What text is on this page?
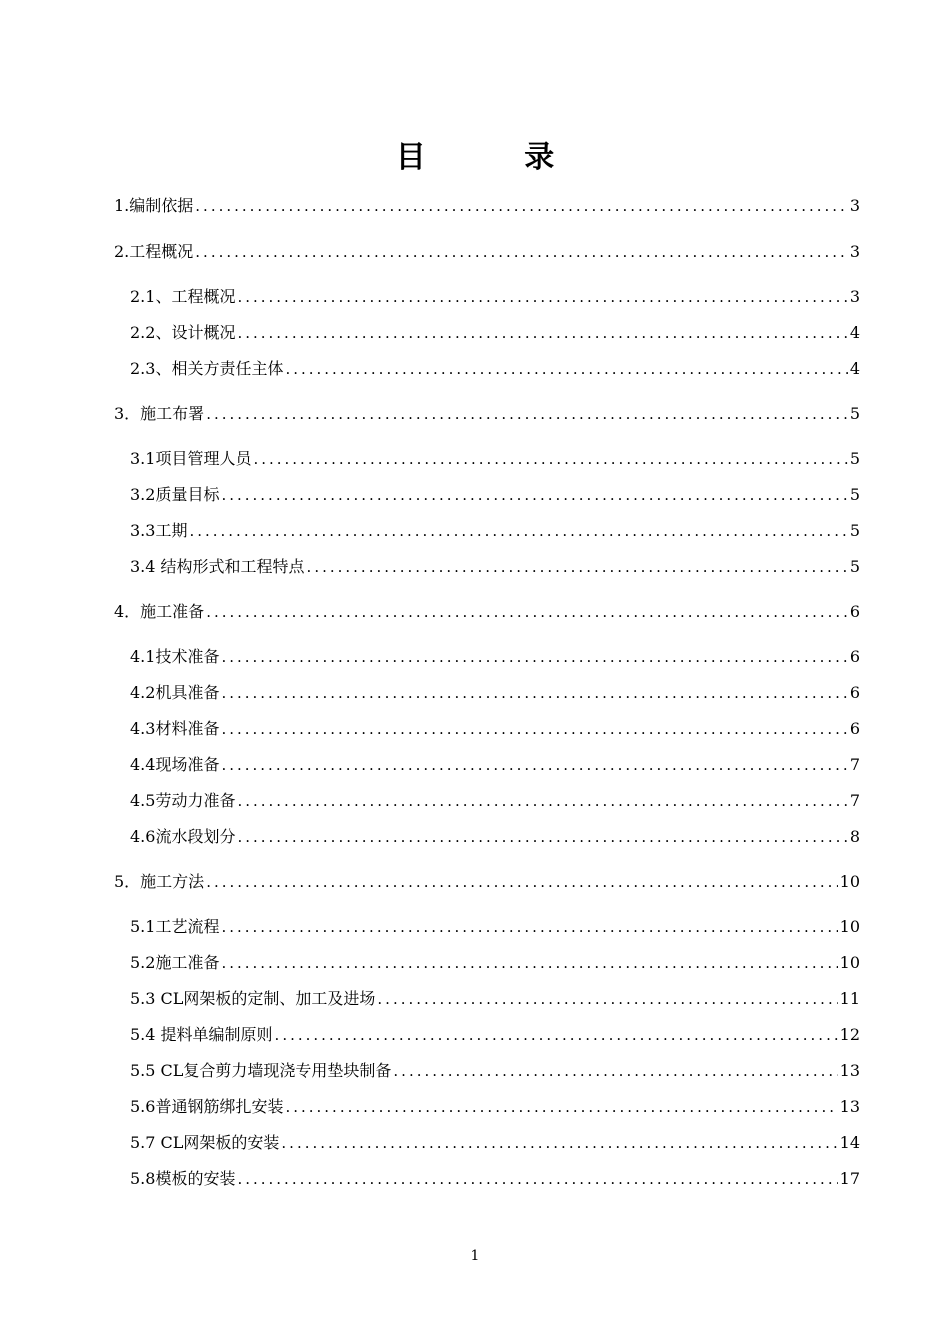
目 录
1.编制依据 .....	3
2.工程概况 .....	3
2.1、工程概况 .....	3
2.2、设计概况 .....	4
2.3、相关方责任主体 .....	4
3．施工布署 .....	5
3.1项目管理人员 .....	5
3.2质量目标 .....	5
3.3工期 .....	5
3.4 结构形式和工程特点 .....	5
4．施工准备 .....	6
4.1技术准备 .....	6
4.2机具准备 .....	6
4.3材料准备 .....	6
4.4现场准备 .....	7
4.5劳动力准备 .....	7
4.6流水段划分 .....	8
5．施工方法 .....	10
5.1工艺流程 .....	10
5.2施工准备 .....	10
5.3 CL网架板的定制、加工及进场 .....	11
5.4 提料单编制原则 .....	12
5.5 CL复合剪力墙现浇专用垫块制备 .....	13
5.6普通钢筋绑扎安装 .....	13
5.7 CL网架板的安装 .....	14
5.8模板的安装 .....	17
1
